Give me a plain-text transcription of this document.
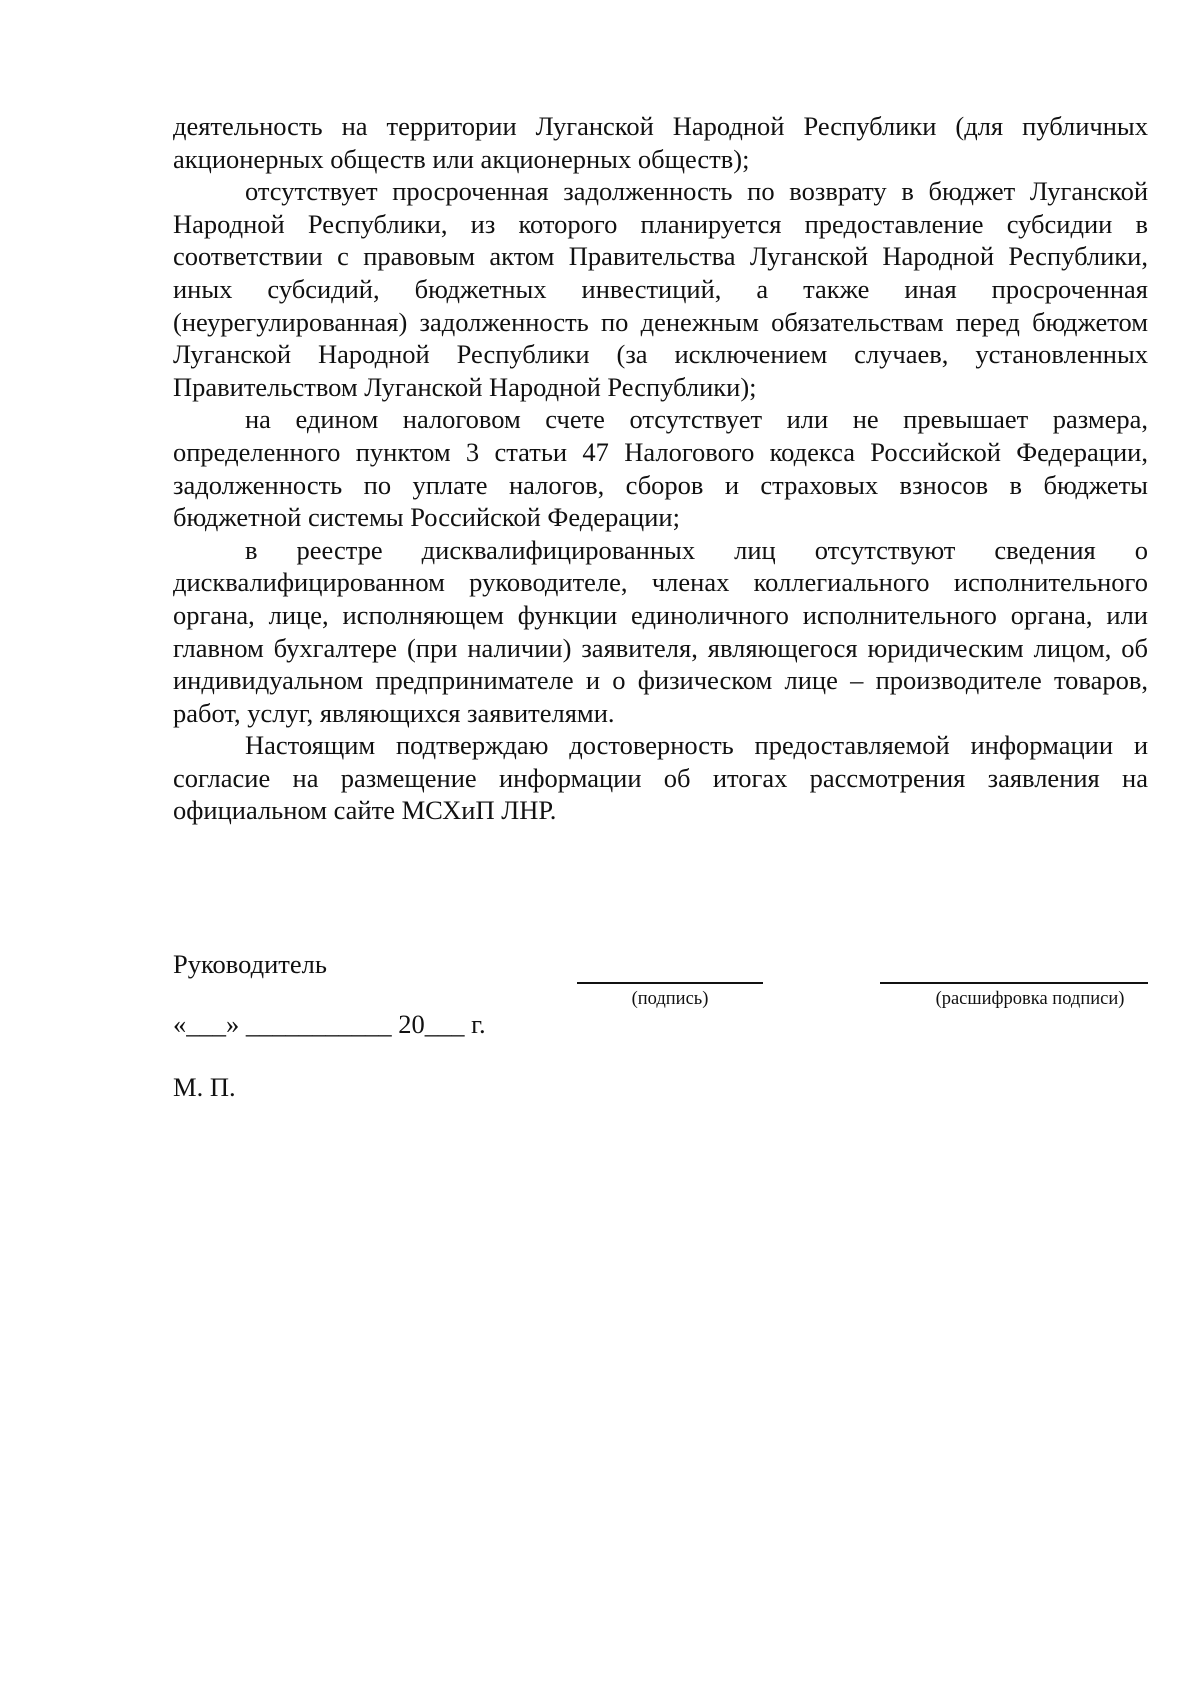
деятельность на территории Луганской Народной Республики (для публичных акционерных обществ или акционерных обществ);

отсутствует просроченная задолженность по возврату в бюджет Луганской Народной Республики, из которого планируется предоставление субсидии в соответствии с правовым актом Правительства Луганской Народной Республики, иных субсидий, бюджетных инвестиций, а также иная просроченная (неурегулированная) задолженность по денежным обязательствам перед бюджетом Луганской Народной Республики (за исключением случаев, установленных Правительством Луганской Народной Республики);

на едином налоговом счете отсутствует или не превышает размера, определенного пунктом 3 статьи 47 Налогового кодекса Российской Федерации, задолженность по уплате налогов, сборов и страховых взносов в бюджеты бюджетной системы Российской Федерации;

в реестре дисквалифицированных лиц отсутствуют сведения о дисквалифицированном руководителе, членах коллегиального исполнительного органа, лице, исполняющем функции единоличного исполнительного органа, или главном бухгалтере (при наличии) заявителя, являющегося юридическим лицом, об индивидуальном предпринимателе и о физическом лице – производителе товаров, работ, услуг, являющихся заявителями.

Настоящим подтверждаю достоверность предоставляемой информации и согласие на размещение информации об итогах рассмотрения заявления на официальном сайте МСХиП ЛНР.

Руководитель
(подпись)	(расшифровка подписи)
«___» ___________ 20___ г.
М. П.
